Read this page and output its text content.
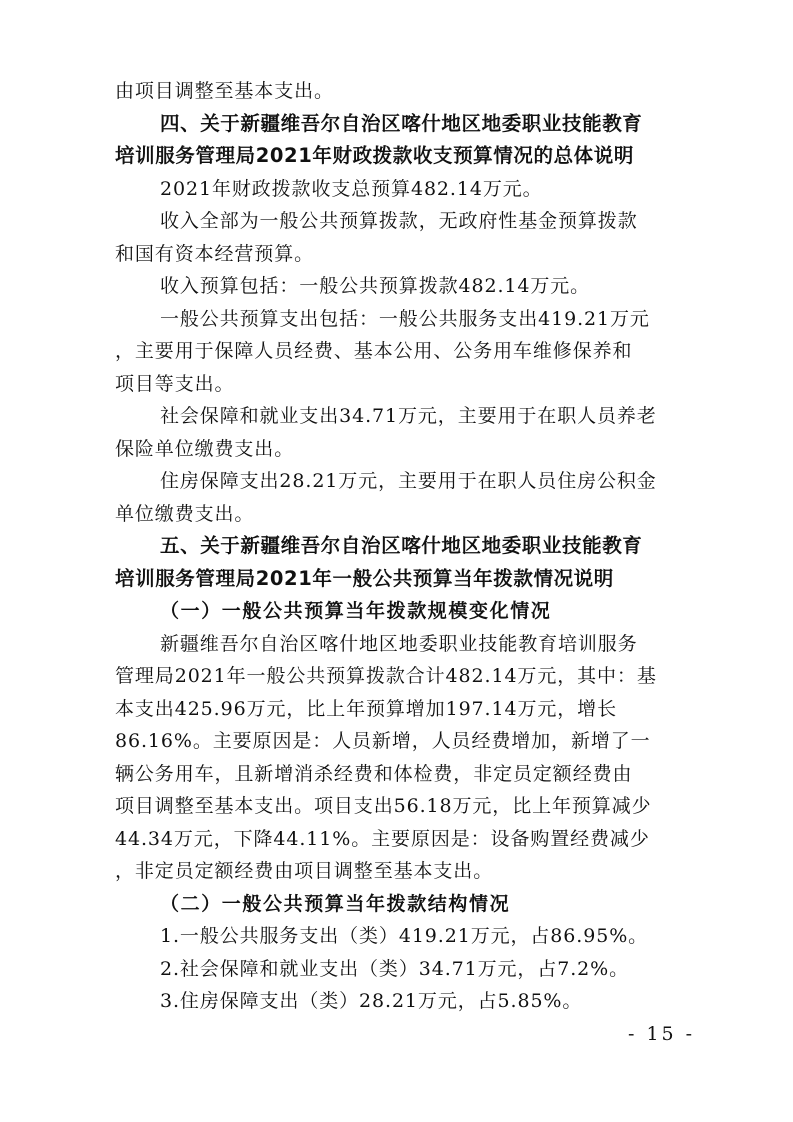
由项目调整至基本支出。
四、关于新疆维吾尔自治区喀什地区地委职业技能教育
培训服务管理局2021年财政拨款收支预算情况的总体说明
2021年财政拨款收支总预算482.14万元。
收入全部为一般公共预算拨款，无政府性基金预算拨款
和国有资本经营预算。
收入预算包括：一般公共预算拨款482.14万元。
一般公共预算支出包括：一般公共服务支出419.21万元
，主要用于保障人员经费、基本公用、公务用车维修保养和
项目等支出。
社会保障和就业支出34.71万元，主要用于在职人员养老
保险单位缴费支出。
住房保障支出28.21万元，主要用于在职人员住房公积金
单位缴费支出。
五、关于新疆维吾尔自治区喀什地区地委职业技能教育
培训服务管理局2021年一般公共预算当年拨款情况说明
（一）一般公共预算当年拨款规模变化情况
新疆维吾尔自治区喀什地区地委职业技能教育培训服务
管理局2021年一般公共预算拨款合计482.14万元，其中：基
本支出425.96万元，比上年预算增加197.14万元，增长
86.16%。主要原因是：人员新增，人员经费增加，新增了一
辆公务用车，且新增消杀经费和体检费，非定员定额经费由
项目调整至基本支出。项目支出56.18万元，比上年预算减少
44.34万元，下降44.11%。主要原因是：设备购置经费减少
，非定员定额经费由项目调整至基本支出。
（二）一般公共预算当年拨款结构情况
1.一般公共服务支出（类）419.21万元，占86.95%。
2.社会保障和就业支出（类）34.71万元，占7.2%。
3.住房保障支出（类）28.21万元，占5.85%。
- 15 -
